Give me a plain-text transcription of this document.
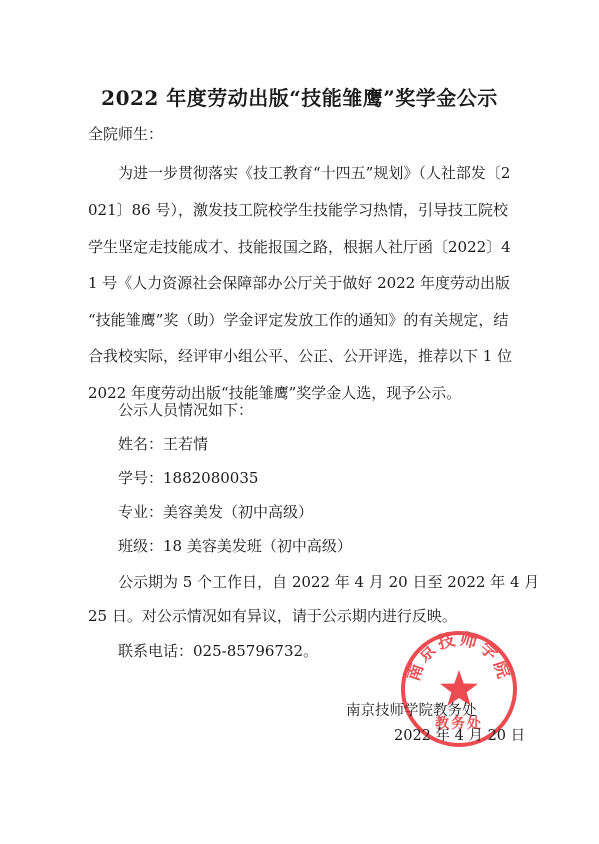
2022 年度劳动出版“技能雏鹰”奖学金公示
全院师生：
为进一步贯彻落实《技工教育“十四五”规划》（人社部发〔2
021〕86 号），激发技工院校学生技能学习热情，引导技工院校
学生坚定走技能成才、技能报国之路，根据人社厅函〔2022〕4
1 号《人力资源社会保障部办公厅关于做好 2022 年度劳动出版
“技能雏鹰”奖（助）学金评定发放工作的通知》的有关规定，结
合我校实际，经评审小组公平、公正、公开评选，推荐以下 1 位
2022 年度劳动出版“技能雏鹰”奖学金人选，现予公示。
公示人员情况如下：
姓名：王若情
学号：1882080035
专业：美容美发（初中高级）
班级：18 美容美发班（初中高级）
公示期为 5 个工作日，自 2022 年 4 月 20 日至 2022 年 4 月
25 日。对公示情况如有异议，请于公示期内进行反映。
联系电话：025-85796732。
南京技师学院
教务处
南京技师学院教务处
2022 年 4 月 20 日
